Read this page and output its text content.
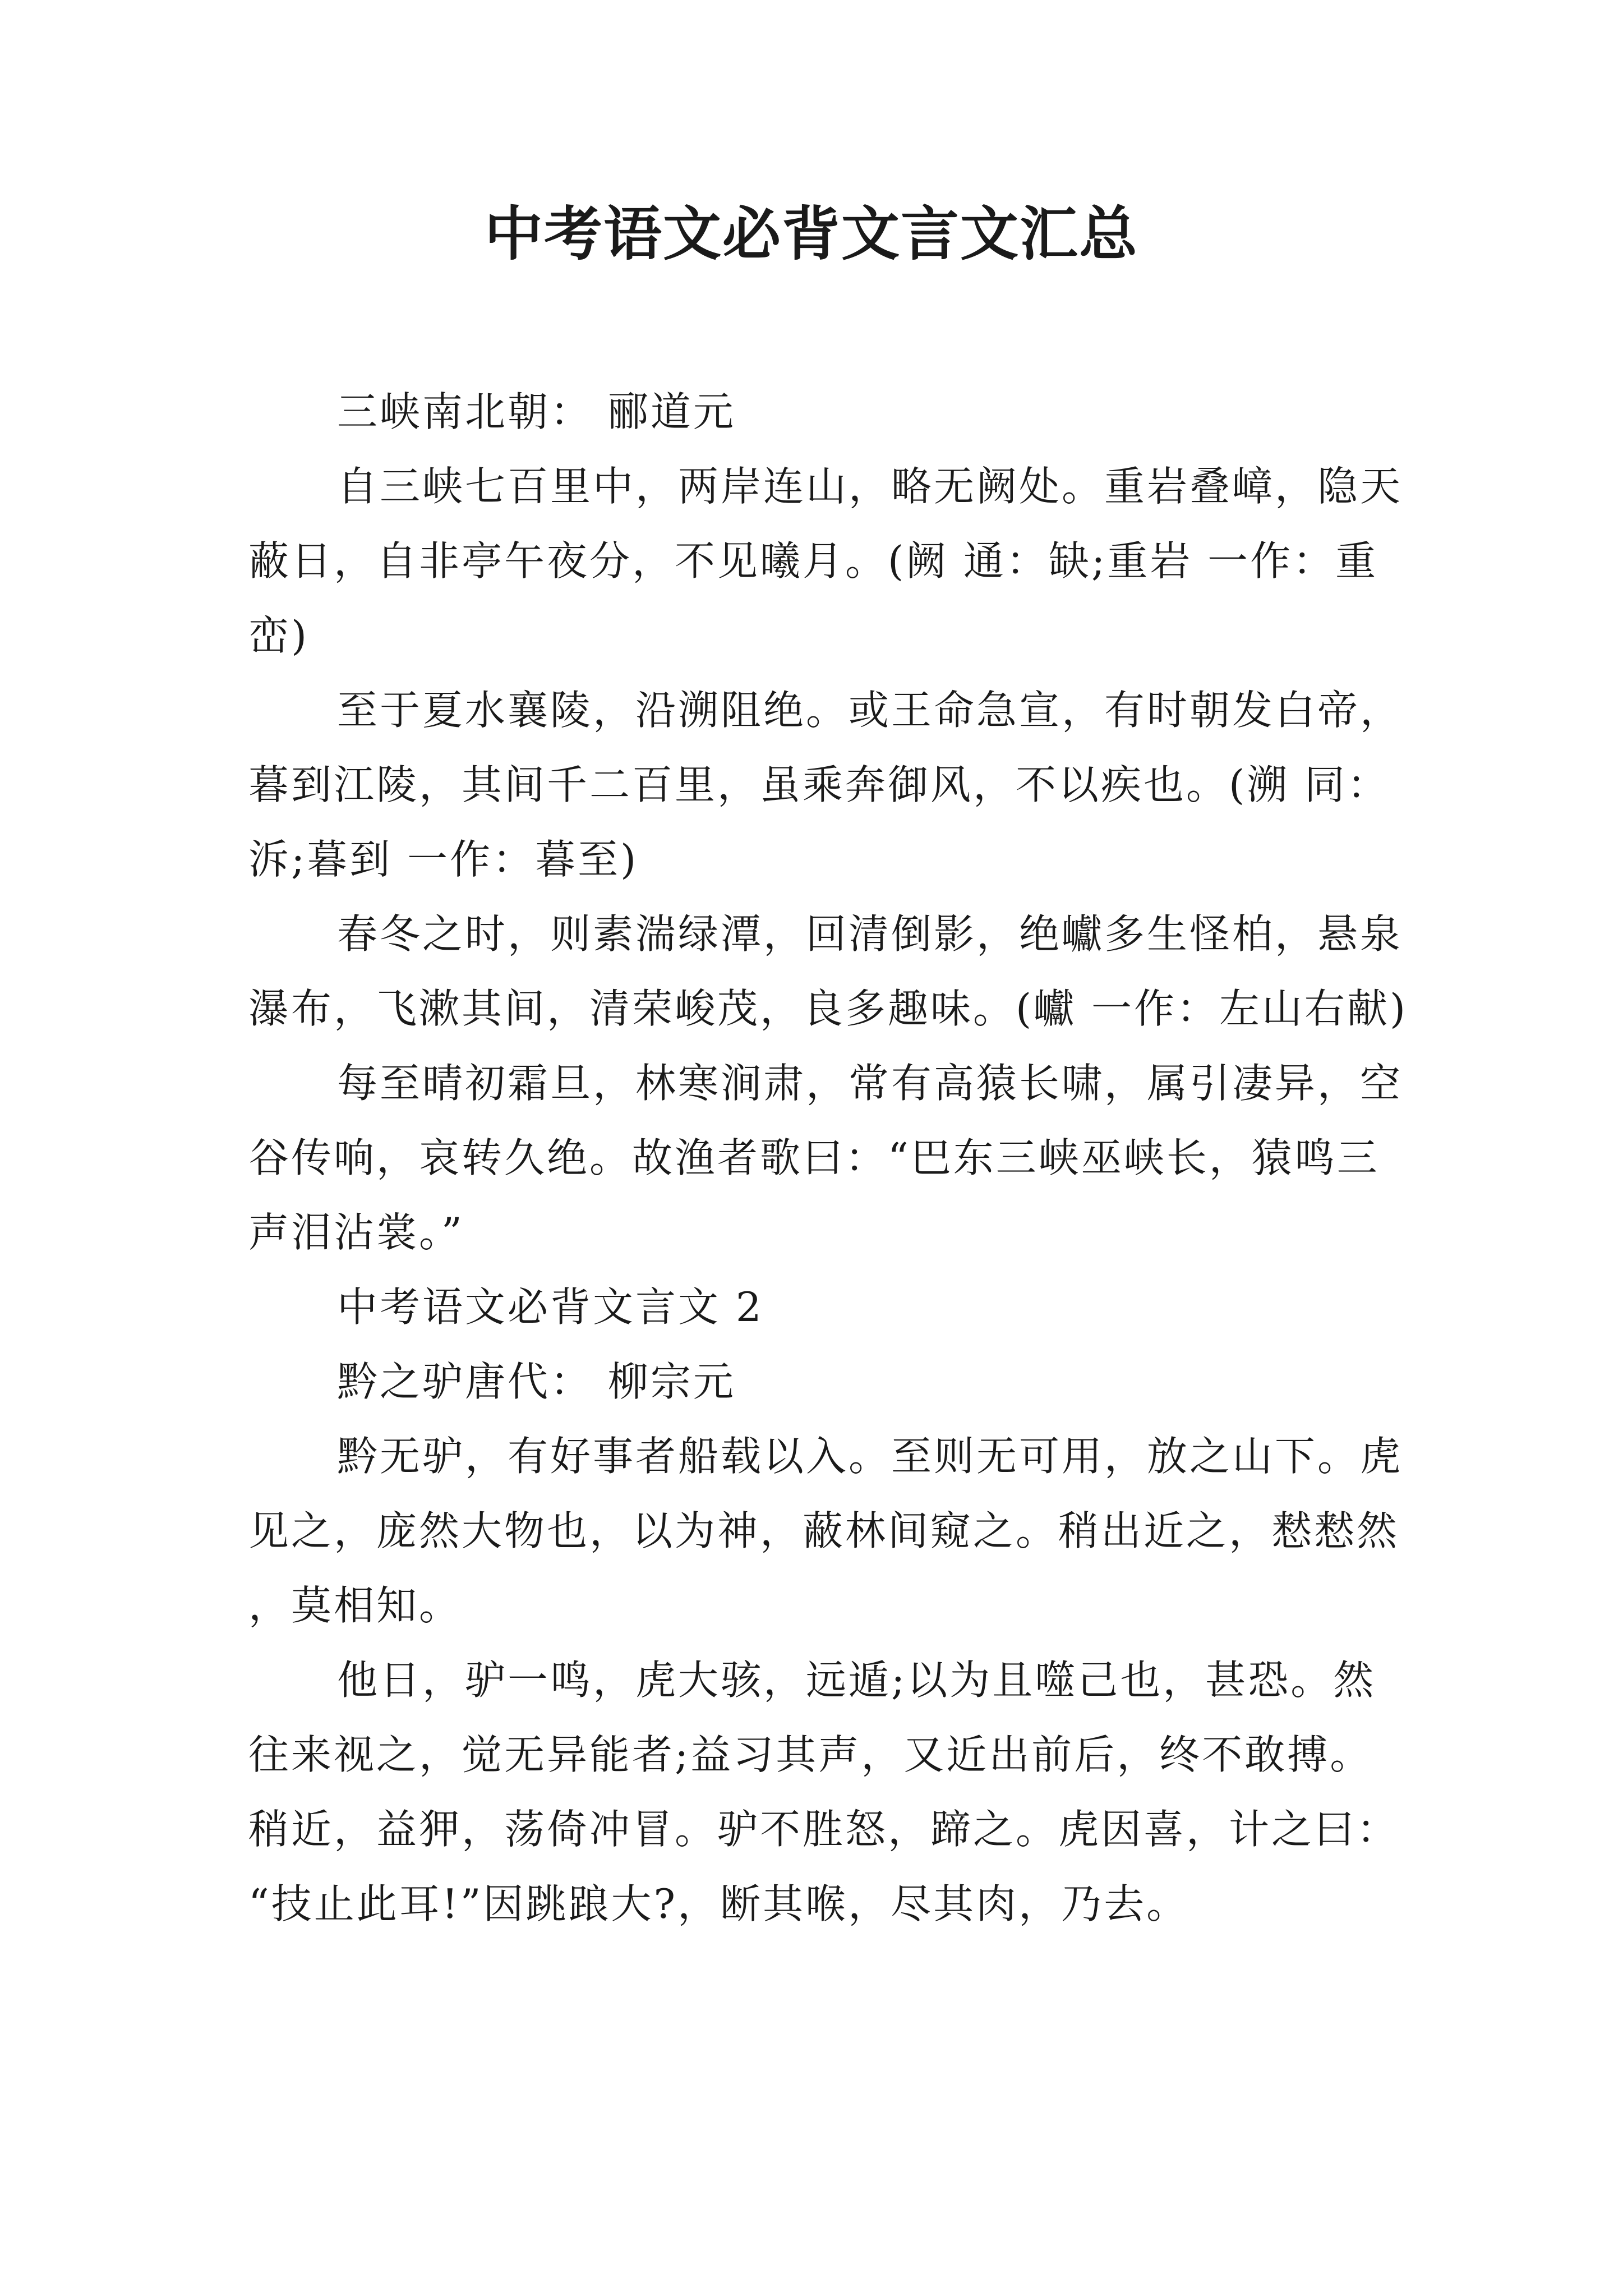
中考语文必背文言文汇总

三峡南北朝： 郦道元

自三峡七百里中，两岸连山，略无阙处。重岩叠嶂，隐天蔽日，自非亭午夜分，不见曦月。(阙 通：缺;重岩 一作：重峦)

至于夏水襄陵，沿溯阻绝。或王命急宣，有时朝发白帝，暮到江陵，其间千二百里，虽乘奔御风，不以疾也。(溯 同：泝;暮到 一作：暮至)

春冬之时，则素湍绿潭，回清倒影，绝巘多生怪柏，悬泉瀑布，飞漱其间，清荣峻茂，良多趣味。(巘 一作：左山右献)

每至晴初霜旦，林寒涧肃，常有高猿长啸，属引凄异，空谷传响，哀转久绝。故渔者歌曰：“巴东三峡巫峡长，猿鸣三声泪沾裳。”

中考语文必背文言文 2

黔之驴唐代： 柳宗元

黔无驴，有好事者船载以入。至则无可用，放之山下。虎见之，庞然大物也，以为神，蔽林间窥之。稍出近之，慭慭然，莫相知。

他日，驴一鸣，虎大骇，远遁;以为且噬己也，甚恐。然往来视之，觉无异能者;益习其声，又近出前后，终不敢搏。稍近，益狎，荡倚冲冒。驴不胜怒，蹄之。虎因喜，计之曰：“技止此耳!”因跳踉大?，断其喉，尽其肉，乃去。
